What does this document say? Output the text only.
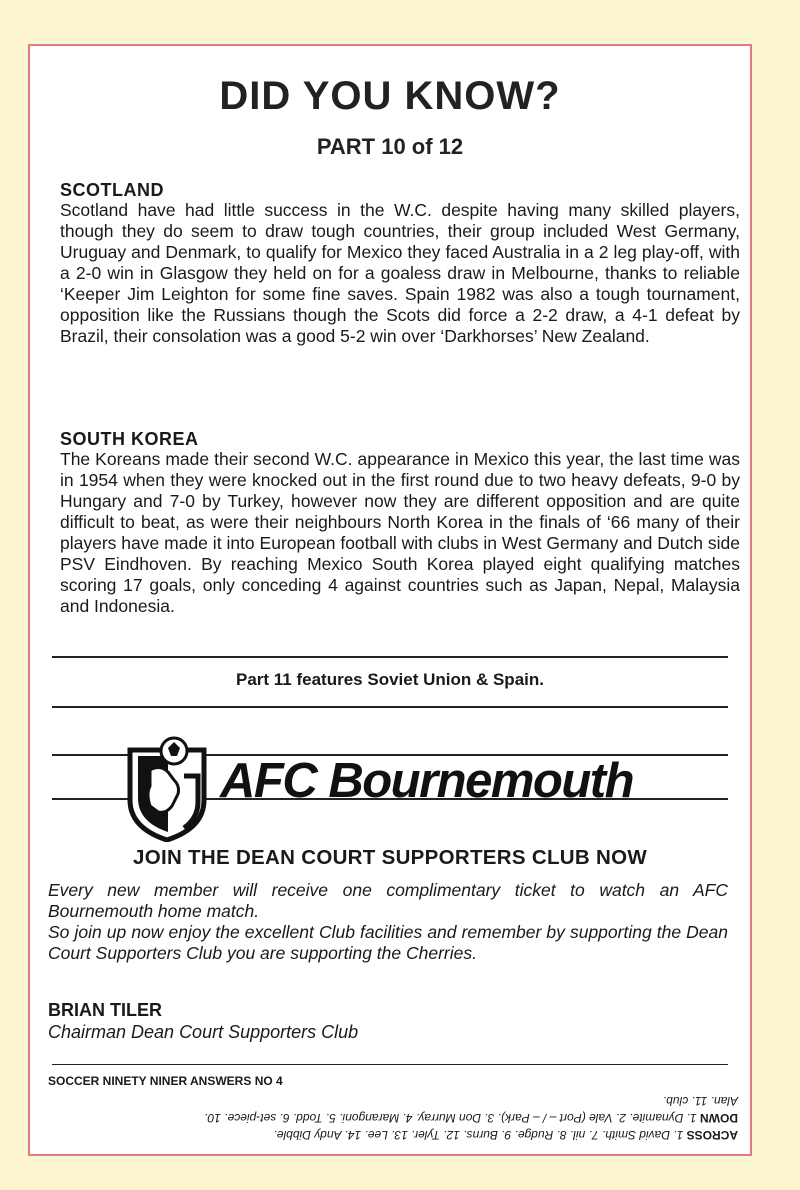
DID YOU KNOW?
PART 10 of 12
SCOTLAND
Scotland have had little success in the W.C. despite having many skilled players, though they do seem to draw tough countries, their group included West Germany, Uruguay and Denmark, to qualify for Mexico they faced Australia in a 2 leg play-off, with a 2-0 win in Glasgow they held on for a goaless draw in Melbourne, thanks to reliable ‘Keeper Jim Leighton for some fine saves. Spain 1982 was also a tough tournament, opposition like the Russians though the Scots did force a 2-2 draw, a 4-1 defeat by Brazil, their consolation was a good 5-2 win over ‘Darkhorses’ New Zealand.
SOUTH KOREA
The Koreans made their second W.C. appearance in Mexico this year, the last time was in 1954 when they were knocked out in the first round due to two heavy defeats, 9-0 by Hungary and 7-0 by Turkey, however now they are different opposition and are quite difficult to beat, as were their neighbours North Korea in the finals of ‘66 many of their players have made it into European football with clubs in West Germany and Dutch side PSV Eindhoven. By reaching Mexico South Korea played eight qualifying matches scoring 17 goals, only conceding 4 against countries such as Japan, Nepal, Malaysia and Indonesia.
Part 11 features Soviet Union & Spain.
AFC Bournemouth
JOIN THE DEAN COURT SUPPORTERS CLUB NOW

Every new member will receive one complimentary ticket to watch an AFC Bournemouth home match.

So join up now enjoy the excellent Club facilities and remember by supporting the Dean Court Supporters Club you are supporting the Cherries.

BRIAN TILER
Chairman Dean Court Supporters Club
SOCCER NINETY NINER ANSWERS NO 4
ACROSS 1. David Smith. 7. nil. 8. Rudge. 9. Burns. 12. Tyler. 13. Lee. 14. Andy Dibble.
DOWN 1. Dynamite. 2. Vale (Port – / – Park). 3. Don Murray. 4. Marangoni. 5. Todd. 6. set-piece. 10.
Alan. 11. club.
